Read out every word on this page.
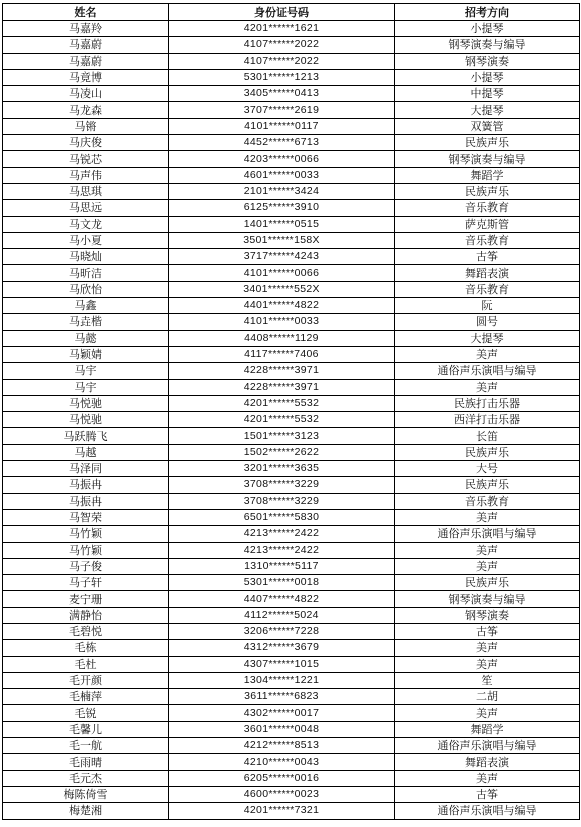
姓名	身份证号码	招考方向
马嘉羚	4201******1621	小提琴
马嘉蔚	4107******2022	钢琴演奏与编导
马嘉蔚	4107******2022	钢琴演奏
马竟博	5301******1213	小提琴
马凌山	3405******0413	中提琴
马龙森	3707******2619	大提琴
马锵	4101******0117	双簧管
马庆俊	4452******6713	民族声乐
马锐芯	4203******0066	钢琴演奏与编导
马声伟	4601******0033	舞蹈学
马思琪	2101******3424	民族声乐
马思远	6125******3910	音乐教育
马文龙	1401******0515	萨克斯管
马小夏	3501******158X	音乐教育
马晓灿	3717******4243	古筝
马昕洁	4101******0066	舞蹈表演
马欣怡	3401******552X	音乐教育
马鑫	4401******4822	阮
马垚楷	4101******0033	圆号
马懿	4408******1129	大提琴
马颖婧	4117******7406	美声
马宇	4228******3971	通俗声乐演唱与编导
马宇	4228******3971	美声
马悦驰	4201******5532	民族打击乐器
马悦驰	4201******5532	西洋打击乐器
马跃腾飞	1501******3123	长笛
马越	1502******2622	民族声乐
马泽同	3201******3635	大号
马振冉	3708******3229	民族声乐
马振冉	3708******3229	音乐教育
马智荣	6501******5830	美声
马竹颖	4213******2422	通俗声乐演唱与编导
马竹颖	4213******2422	美声
马子俊	1310******5117	美声
马子轩	5301******0018	民族声乐
麦宁珊	4407******4822	钢琴演奏与编导
满静怡	4112******5024	钢琴演奏
毛碧悦	3206******7228	古筝
毛栋	4312******3679	美声
毛杜	4307******1015	美声
毛开颜	1304******1221	笙
毛楠萍	3611******6823	二胡
毛锐	4302******0017	美声
毛馨儿	3601******0048	舞蹈学
毛一航	4212******8513	通俗声乐演唱与编导
毛雨晴	4210******0043	舞蹈表演
毛元杰	6205******0016	美声
梅陈倚雪	4600******0023	古筝
梅楚湘	4201******7321	通俗声乐演唱与编导
